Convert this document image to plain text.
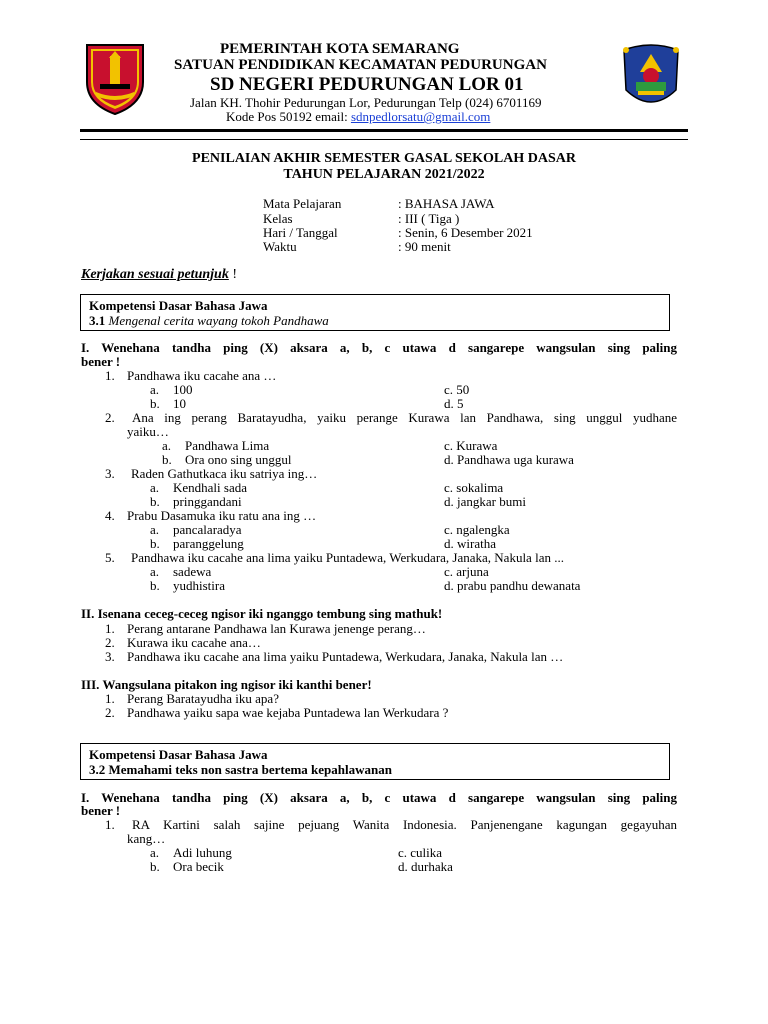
PEMERINTAH KOTA SEMARANG
SATUAN PENDIDIKAN KECAMATAN PEDURUNGAN
SD NEGERI PEDURUNGAN LOR 01
Jalan KH. Thohir Pedurungan Lor, Pedurungan Telp (024) 6701169
Kode Pos 50192 email: sdnpedlorsatu@gmail.com
PENILAIAN AKHIR SEMESTER GASAL SEKOLAH DASAR
TAHUN PELAJARAN 2021/2022
Mata Pelajaran	: BAHASA JAWA
Kelas	: III ( Tiga )
Hari / Tanggal	: Senin, 6 Desember 2021
Waktu	: 90 menit
Kerjakan sesuai petunjuk !
Kompetensi Dasar Bahasa Jawa
3.1 Mengenal cerita wayang tokoh Pandhawa
I. Wenehana tandha ping (X) aksara a, b, c utawa d sangarepe wangsulan sing paling
bener !
1. Pandhawa iku cacahe ana …
a. 100	c. 50
b. 10	d. 5
2. Ana ing perang Baratayudha, yaiku perange Kurawa lan Pandhawa, sing unggul yudhane
yaiku…
a. Pandhawa Lima	c. Kurawa
b. Ora ono sing unggul	d. Pandhawa uga kurawa
3. Raden Gathutkaca iku satriya ing…
a. Kendhali sada	c. sokalima
b. pringgandani	d. jangkar bumi
4. Prabu Dasamuka iku ratu ana ing …
a. pancalaradya	c. ngalengka
b. paranggelung	d. wiratha
5. Pandhawa iku cacahe ana lima yaiku Puntadewa, Werkudara, Janaka, Nakula lan ...
a. sadewa	c. arjuna
b. yudhistira	d. prabu pandhu dewanata
II. Isenana ceceg-ceceg ngisor iki nganggo tembung sing mathuk!
1. Perang antarane Pandhawa lan Kurawa jenenge perang…
2. Kurawa iku cacahe ana…
3. Pandhawa iku cacahe ana lima yaiku Puntadewa, Werkudara, Janaka, Nakula lan …
III. Wangsulana pitakon ing ngisor iki kanthi bener!
1. Perang Baratayudha iku apa?
2. Pandhawa yaiku sapa wae kejaba Puntadewa lan Werkudara ?
Kompetensi Dasar Bahasa Jawa
3.2 Memahami teks non sastra bertema kepahlawanan
I. Wenehana tandha ping (X) aksara a, b, c utawa d sangarepe wangsulan sing paling
bener !
1. RA Kartini salah sajine pejuang Wanita Indonesia. Panjenengane kagungan gegayuhan
kang…
a. Adi luhung	c. culika
b. Ora becik	d. durhaka
